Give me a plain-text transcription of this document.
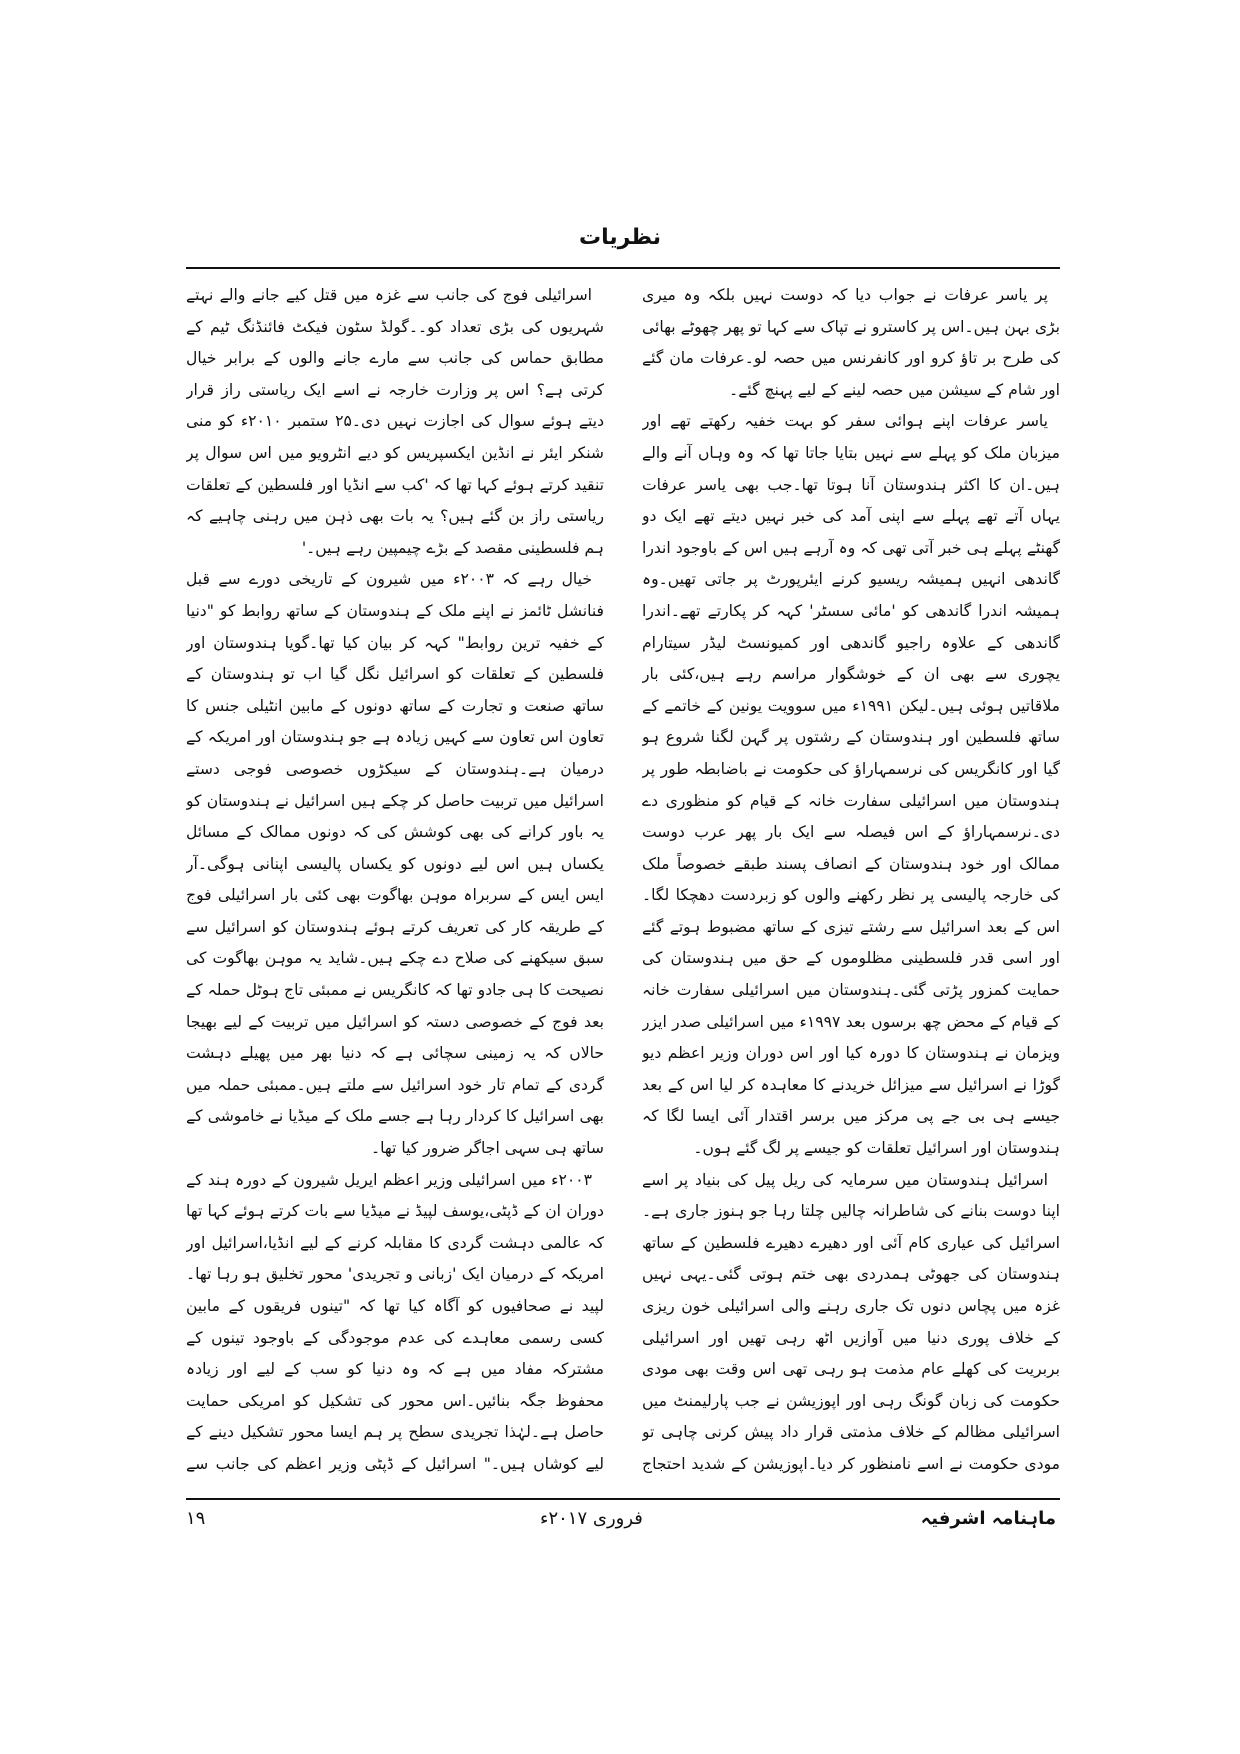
نظریات

پر یاسر عرفات نے جواب دیا کہ دوست نہیں بلکہ وہ میری بڑی بہن ہیں۔اس پر کاسترو نے تپاک سے کہا تو پھر چھوٹے بھائی کی طرح بر تاؤ کرو اور کانفرنس میں حصہ لو۔عرفات مان گئے اور شام کے سیشن میں حصہ لینے کے لیے پہنچ گئے۔

یاسر عرفات اپنے ہوائی سفر کو بہت خفیہ رکھتے تھے اور میزبان ملک کو پہلے سے نہیں بتایا جاتا تھا کہ وہ وہاں آنے والے ہیں۔ان کا اکثر ہندوستان آنا ہوتا تھا۔جب بھی یاسر عرفات یہاں آتے تھے پہلے سے اپنی آمد کی خبر نہیں دیتے تھے ایک دو گھنٹے پہلے ہی خبر آتی تھی کہ وہ آرہے ہیں اس کے باوجود اندرا گاندھی انہیں ہمیشہ ریسیو کرنے ایئرپورٹ پر جاتی تھیں۔وہ ہمیشہ اندرا گاندھی کو 'مائی سسٹر' کہہ کر پکارتے تھے۔اندرا گاندھی کے علاوہ راجیو گاندھی اور کمیونسٹ لیڈر سیتارام یچوری سے بھی ان کے خوشگوار مراسم رہے ہیں،کئی بار ملاقاتیں ہوئی ہیں۔لیکن ۱۹۹۱ء میں سوویت یونین کے خاتمے کے ساتھ فلسطین اور ہندوستان کے رشتوں پر گہن لگنا شروع ہو گیا اور کانگریس کی نرسمہاراؤ کی حکومت نے باضابطہ طور پر ہندوستان میں اسرائیلی سفارت خانہ کے قیام کو منظوری دے دی۔نرسمہاراؤ کے اس فیصلہ سے ایک بار پھر عرب دوست ممالک اور خود ہندوستان کے انصاف پسند طبقے خصوصاً ملک کی خارجہ پالیسی پر نظر رکھنے والوں کو زبردست دھچکا لگا۔اس کے بعد اسرائیل سے رشتے تیزی کے ساتھ مضبوط ہوتے گئے اور اسی قدر فلسطینی مظلوموں کے حق میں ہندوستان کی حمایت کمزور پڑتی گئی۔ہندوستان میں اسرائیلی سفارت خانہ کے قیام کے محض چھ برسوں بعد ۱۹۹۷ء میں اسرائیلی صدر ایزر ویزمان نے ہندوستان کا دورہ کیا اور اس دوران وزیر اعظم دیو گوڑا نے اسرائیل سے میزائل خریدنے کا معاہدہ کر لیا اس کے بعد جیسے ہی بی جے پی مرکز میں برسر اقتدار آئی ایسا لگا کہ ہندوستان اور اسرائیل تعلقات کو جیسے پر لگ گئے ہوں۔

اسرائیل ہندوستان میں سرمایہ کی ریل پیل کی بنیاد پر اسے اپنا دوست بنانے کی شاطرانہ چالیں چلتا رہا جو ہنوز جاری ہے۔اسرائیل کی عیاری کام آئی اور دھیرے دھیرے فلسطین کے ساتھ ہندوستان کی جھوٹی ہمدردی بھی ختم ہوتی گئی۔یہی نہیں غزہ میں پچاس دنوں تک جاری رہنے والی اسرائیلی خون ریزی کے خلاف پوری دنیا میں آوازیں اٹھ رہی تھیں اور اسرائیلی بربریت کی کھلے عام مذمت ہو رہی تھی اس وقت بھی مودی حکومت کی زبان گونگ رہی اور اپوزیشن نے جب پارلیمنٹ میں اسرائیلی مظالم کے خلاف مذمتی قرار داد پیش کرنی چاہی تو مودی حکومت نے اسے نامنظور کر دیا۔اپوزیشن کے شدید احتجاج

اسرائیلی فوج کی جانب سے غزہ میں قتل کیے جانے والے نہتے شہریوں کی بڑی تعداد کو۔۔گولڈ سٹون فیکٹ فائنڈنگ ٹیم کے مطابق حماس کی جانب سے مارے جانے والوں کے برابر خیال کرتی ہے؟ اس پر وزارت خارجہ نے اسے ایک ریاستی راز قرار دیتے ہوئے سوال کی اجازت نہیں دی۔۲۵ ستمبر ۲۰۱۰ء کو منی شنکر ایئر نے انڈین ایکسپریس کو دیے انٹرویو میں اس سوال پر تنقید کرتے ہوئے کہا تھا کہ 'کب سے انڈیا اور فلسطین کے تعلقات ریاستی راز بن گئے ہیں؟ یہ بات بھی ذہن میں رہنی چاہیے کہ ہم فلسطینی مقصد کے بڑے چیمپین رہے ہیں۔'

خیال رہے کہ ۲۰۰۳ء میں شیرون کے تاریخی دورے سے قبل فنانشل ٹائمز نے اپنے ملک کے ہندوستان کے ساتھ روابط کو "دنیا کے خفیہ ترین روابط" کہہ کر بیان کیا تھا۔گویا ہندوستان اور فلسطین کے تعلقات کو اسرائیل نگل گیا اب تو ہندوستان کے ساتھ صنعت و تجارت کے ساتھ دونوں کے مابین انٹیلی جنس کا تعاون اس تعاون سے کہیں زیادہ ہے جو ہندوستان اور امریکہ کے درمیان ہے۔ہندوستان کے سیکڑوں خصوصی فوجی دستے اسرائیل میں تربیت حاصل کر چکے ہیں اسرائیل نے ہندوستان کو یہ باور کرانے کی بھی کوشش کی کہ دونوں ممالک کے مسائل یکساں ہیں اس لیے دونوں کو یکساں پالیسی اپنانی ہوگی۔آر ایس ایس کے سربراہ موہن بھاگوت بھی کئی بار اسرائیلی فوج کے طریقہ کار کی تعریف کرتے ہوئے ہندوستان کو اسرائیل سے سبق سیکھنے کی صلاح دے چکے ہیں۔شاید یہ موہن بھاگوت کی نصیحت کا ہی جادو تھا کہ کانگریس نے ممبئی تاج ہوٹل حملہ کے بعد فوج کے خصوصی دستہ کو اسرائیل میں تربیت کے لیے بھیجا حالاں کہ یہ زمینی سچائی ہے کہ دنیا بھر میں پھیلے دہشت گردی کے تمام تار خود اسرائیل سے ملتے ہیں۔ممبئی حملہ میں بھی اسرائیل کا کردار رہا ہے جسے ملک کے میڈیا نے خاموشی کے ساتھ ہی سہی اجاگر ضرور کیا تھا۔

۲۰۰۳ء میں اسرائیلی وزیر اعظم ایریل شیرون کے دورہ ہند کے دوران ان کے ڈپٹی،یوسف لپیڈ نے میڈیا سے بات کرتے ہوئے کہا تھا کہ عالمی دہشت گردی کا مقابلہ کرنے کے لیے انڈیا،اسرائیل اور امریکہ کے درمیان ایک 'زبانی و تجریدی' محور تخلیق ہو رہا تھا۔لپید نے صحافیوں کو آگاہ کیا تھا کہ "تینوں فریقوں کے مابین کسی رسمی معاہدے کی عدم موجودگی کے باوجود تینوں کے مشترکہ مفاد میں ہے کہ وہ دنیا کو سب کے لیے اور زیادہ محفوظ جگہ بنائیں۔اس محور کی تشکیل کو امریکی حمایت حاصل ہے۔لہٰذا تجریدی سطح پر ہم ایسا محور تشکیل دینے کے لیے کوشاں ہیں۔" اسرائیل کے ڈپٹی وزیر اعظم کی جانب سے

ماہنامہ اشرفیہ
فروری ۲۰۱۷ء
۱۹
